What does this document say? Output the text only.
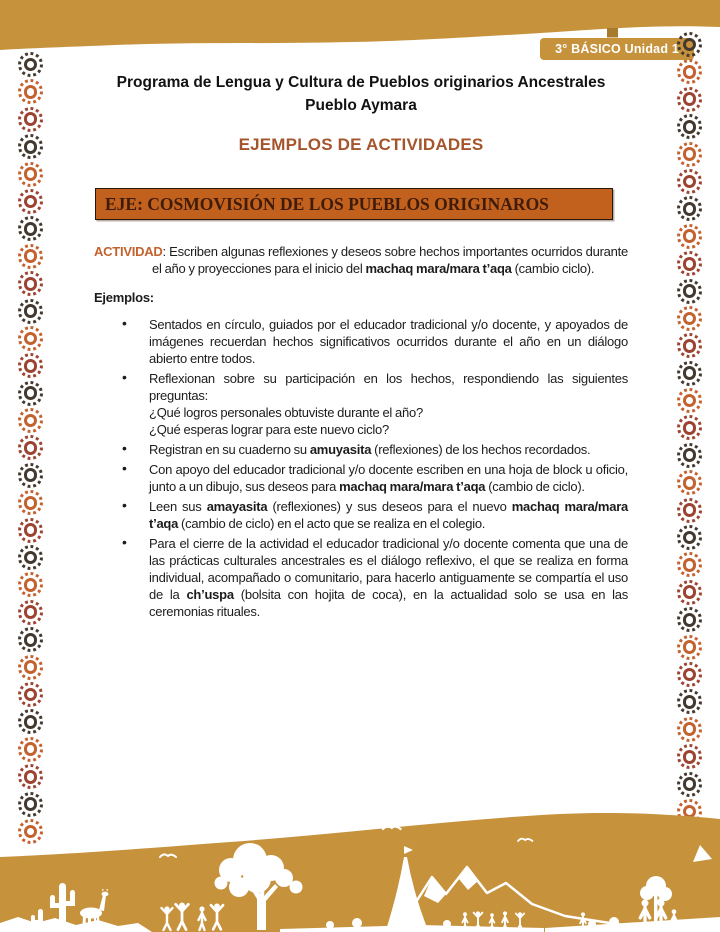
3° BÁSICO Unidad 1
Programa de Lengua y Cultura de Pueblos originarios Ancestrales
Pueblo Aymara
EJEMPLOS DE ACTIVIDADES
EJE: COSMOVISIÓN DE LOS PUEBLOS ORIGINAROS

ACTIVIDAD: Escriben algunas reflexiones y deseos sobre hechos importantes ocurridos durante el año y proyecciones para el inicio del machaq mara/mara t’aqa (cambio ciclo).

Ejemplos:
• Sentados en círculo, guiados por el educador tradicional y/o docente, y apoyados de imágenes recuerdan hechos significativos ocurridos durante el año en un diálogo abierto entre todos.
• Reflexionan sobre su participación en los hechos, respondiendo las siguientes preguntas:
¿Qué logros personales obtuviste durante el año?
¿Qué esperas lograr para este nuevo ciclo?
• Registran en su cuaderno su amuyasita (reflexiones) de los hechos recordados.
• Con apoyo del educador tradicional y/o docente escriben en una hoja de block u oficio, junto a un dibujo, sus deseos para machaq mara/mara t’aqa (cambio de ciclo).
• Leen sus amayasita (reflexiones) y sus deseos para el nuevo machaq mara/mara t’aqa (cambio de ciclo) en el acto que se realiza en el colegio.
• Para el cierre de la actividad el educador tradicional y/o docente comenta que una de las prácticas culturales ancestrales es el diálogo reflexivo, el que se realiza en forma individual, acompañado o comunitario, para hacerlo antiguamente se compartía el uso de la ch’uspa (bolsita con hojita de coca), en la actualidad solo se usa en las ceremonias rituales.
